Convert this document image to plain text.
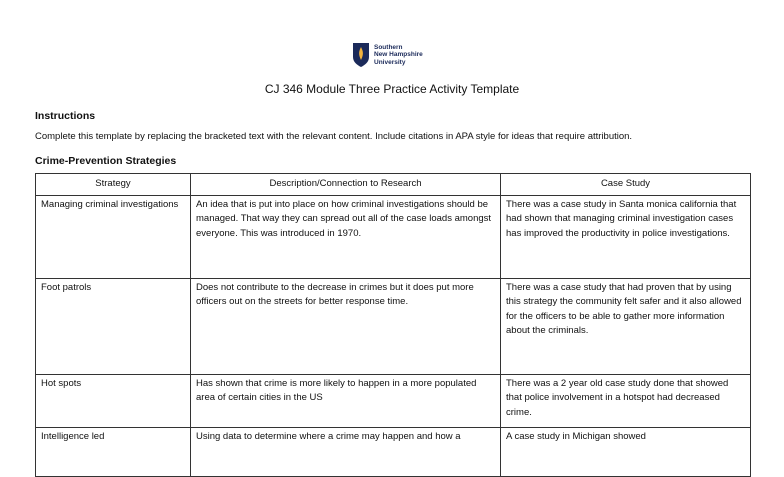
Southern
New Hampshire
University
CJ 346 Module Three Practice Activity Template
Instructions
Complete this template by replacing the bracketed text with the relevant content. Include citations in APA style for ideas that require attribution.
Crime-Prevention Strategies
Strategy	Description/Connection to Research	Case Study
Managing criminal investigations	An idea that is put into place on how criminal investigations should be managed. That way they can spread out all of the case loads amongst everyone. This was introduced in 1970.	There was a case study in Santa monica california that had shown that managing criminal investigation cases has improved the productivity in police investigations.
Foot patrols	Does not contribute to the decrease in crimes but it does put more officers out on the streets for better response time.	There was a case study that had proven that by using this strategy the community felt safer and it also allowed for the officers to be able to gather more information about the criminals.
Hot spots	Has shown that crime is more likely to happen in a more populated area of certain cities in the US	There was a 2 year old case study done that showed that police involvement in a hotspot had decreased crime.
Intelligence led	Using data to determine where a crime may happen and how a	A case study in Michigan showed
